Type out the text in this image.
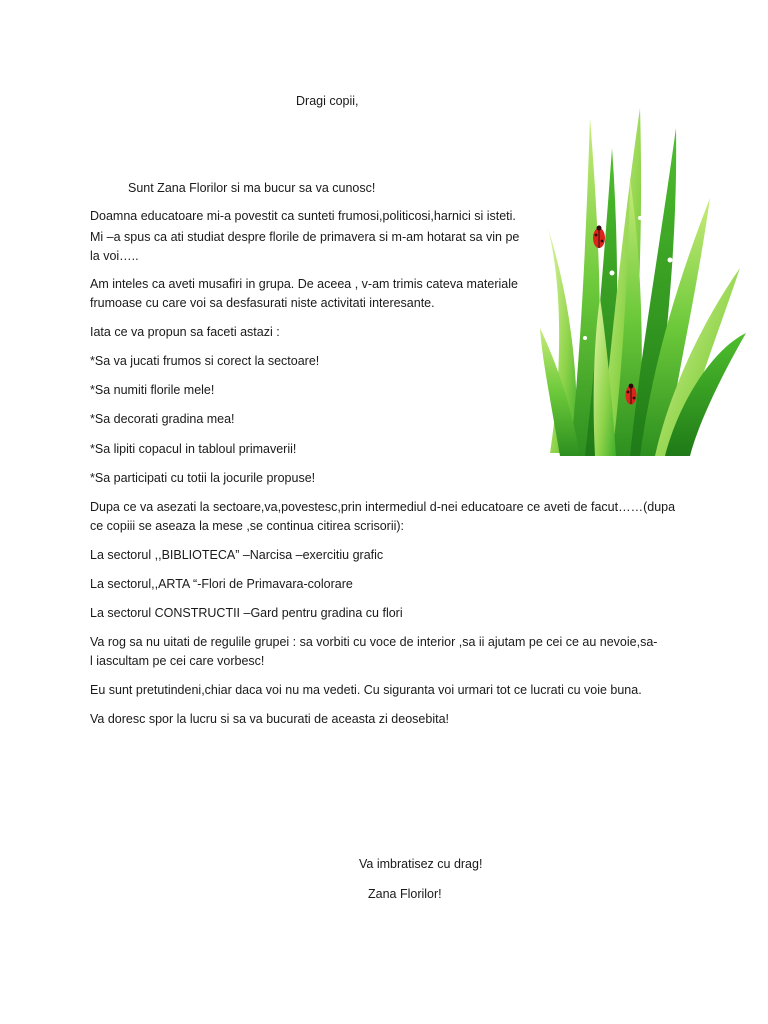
Dragi copii,
Sunt Zana Florilor si ma bucur sa va cunosc!
Doamna educatoare mi-a povestit ca sunteti frumosi,politicosi,harnici si isteti.
Mi –a spus ca ati studiat despre florile de primavera si m-am hotarat sa vin pe
la voi…..
Am inteles ca aveti musafiri in grupa. De aceea , v-am trimis cateva materiale
frumoase cu care voi sa desfasurati niste activitati interesante.
Iata ce va propun sa faceti astazi :
*Sa va jucati frumos si corect la sectoare!
*Sa numiti florile mele!
*Sa decorati gradina mea!
*Sa lipiti copacul in tabloul primaverii!
*Sa participati cu totii la jocurile propuse!
Dupa ce va asezati la sectoare,va,povestesc,prin intermediul d-nei educatoare ce aveti de facut……(dupa
ce copiii se aseaza la mese ,se continua citirea scrisorii):
La sectorul ,,BIBLIOTECA” –Narcisa –exercitiu grafic
La sectorul,,ARTA “-Flori de Primavara-colorare
La sectorul CONSTRUCTII –Gard pentru gradina cu flori
Va rog sa nu uitati de regulile grupei : sa vorbiti cu voce de interior ,sa ii ajutam pe cei ce au nevoie,sa-
l iascultam pe cei care vorbesc!
Eu sunt pretutindeni,chiar daca voi nu ma vedeti. Cu siguranta voi urmari tot ce lucrati cu voie buna.
Va doresc spor la lucru si sa va bucurati de aceasta zi deosebita!
Va imbratisez cu drag!
Zana Florilor!
